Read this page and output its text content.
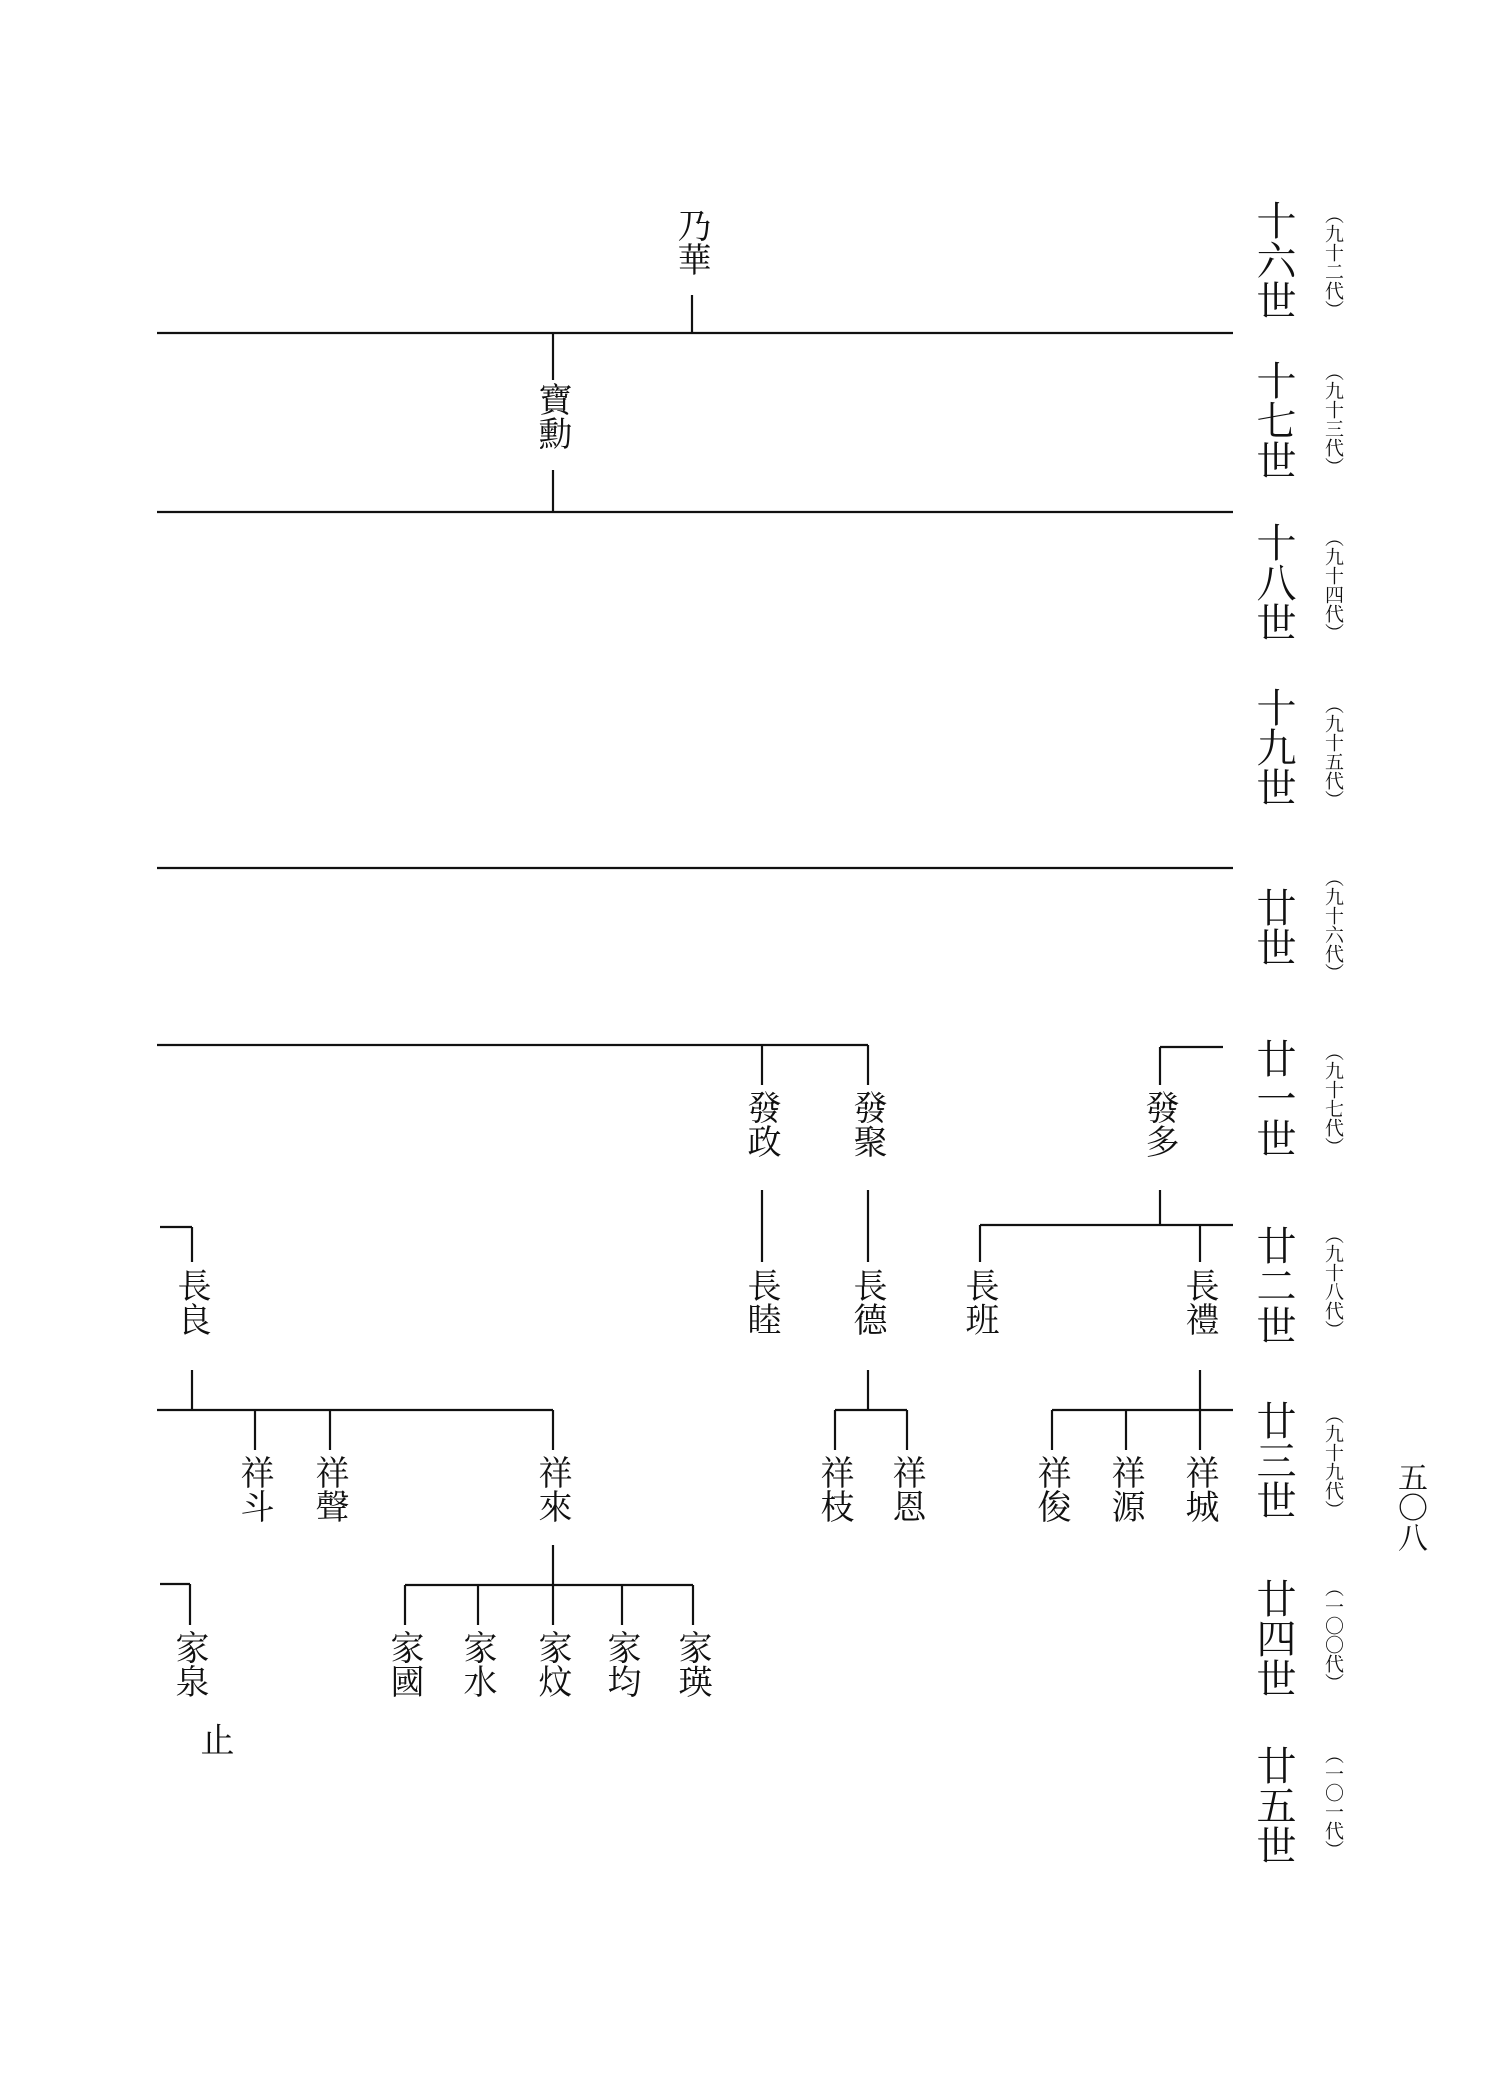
十六世	（九十二代）
十七世	（九十三代）
十八世	（九十四代）
十九世	（九十五代）
廿世	（九十六代）
廿一世	（九十七代）
廿二世	（九十八代）
廿三世	（九十九代）
廿四世	（一〇〇代）
廿五世	（一〇一代）
五〇八
乃華
寶勳
發政 發聚	發多
長良	長睦 長德 長班	長禮
祥斗 祥聲	祥來	祥枝 祥恩	祥俊 祥源 祥城
家泉
止
家國 家水 家炆 家均 家瑛
